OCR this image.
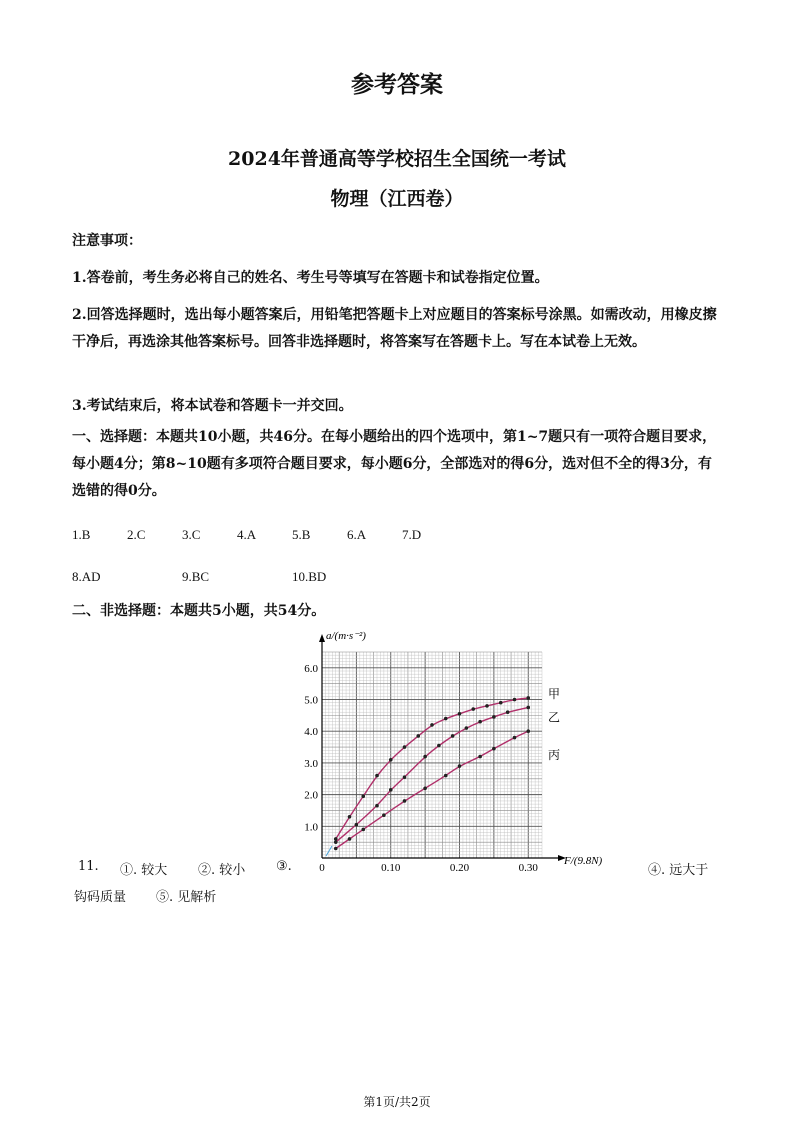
参考答案
2024年普通高等学校招生全国统一考试
物理（江西卷）
注意事项：
1.答卷前，考生务必将自己的姓名、考生号等填写在答题卡和试卷指定位置。
2.回答选择题时，选出每小题答案后，用铅笔把答题卡上对应题目的答案标号涂黑。如需改动，用橡皮擦干净后，再选涂其他答案标号。回答非选择题时，将答案写在答题卡上。写在本试卷上无效。
3.考试结束后，将本试卷和答题卡一并交回。
一、选择题：本题共10小题，共46分。在每小题给出的四个选项中，第1~7题只有一项符合题目要求，每小题4分；第8~10题有多项符合题目要求，每小题6分，全部选对的得6分，选对但不全的得3分，有选错的得0分。
1.B	2.C	3.C	4.A	5.B	6.A	7.D
8.AD	9.BC	10.BD
二、非选择题：本题共5小题，共54分。
0	0.10	0.20	0.30
1.0
2.0
3.0
4.0
5.0
6.0
甲
乙
丙
a/(m·s⁻²)
F/(9.8N)
11. ①. 较大 ②. 较小 ③.	④. 远大于
钩码质量 ⑤. 见解析
第1页/共2页
